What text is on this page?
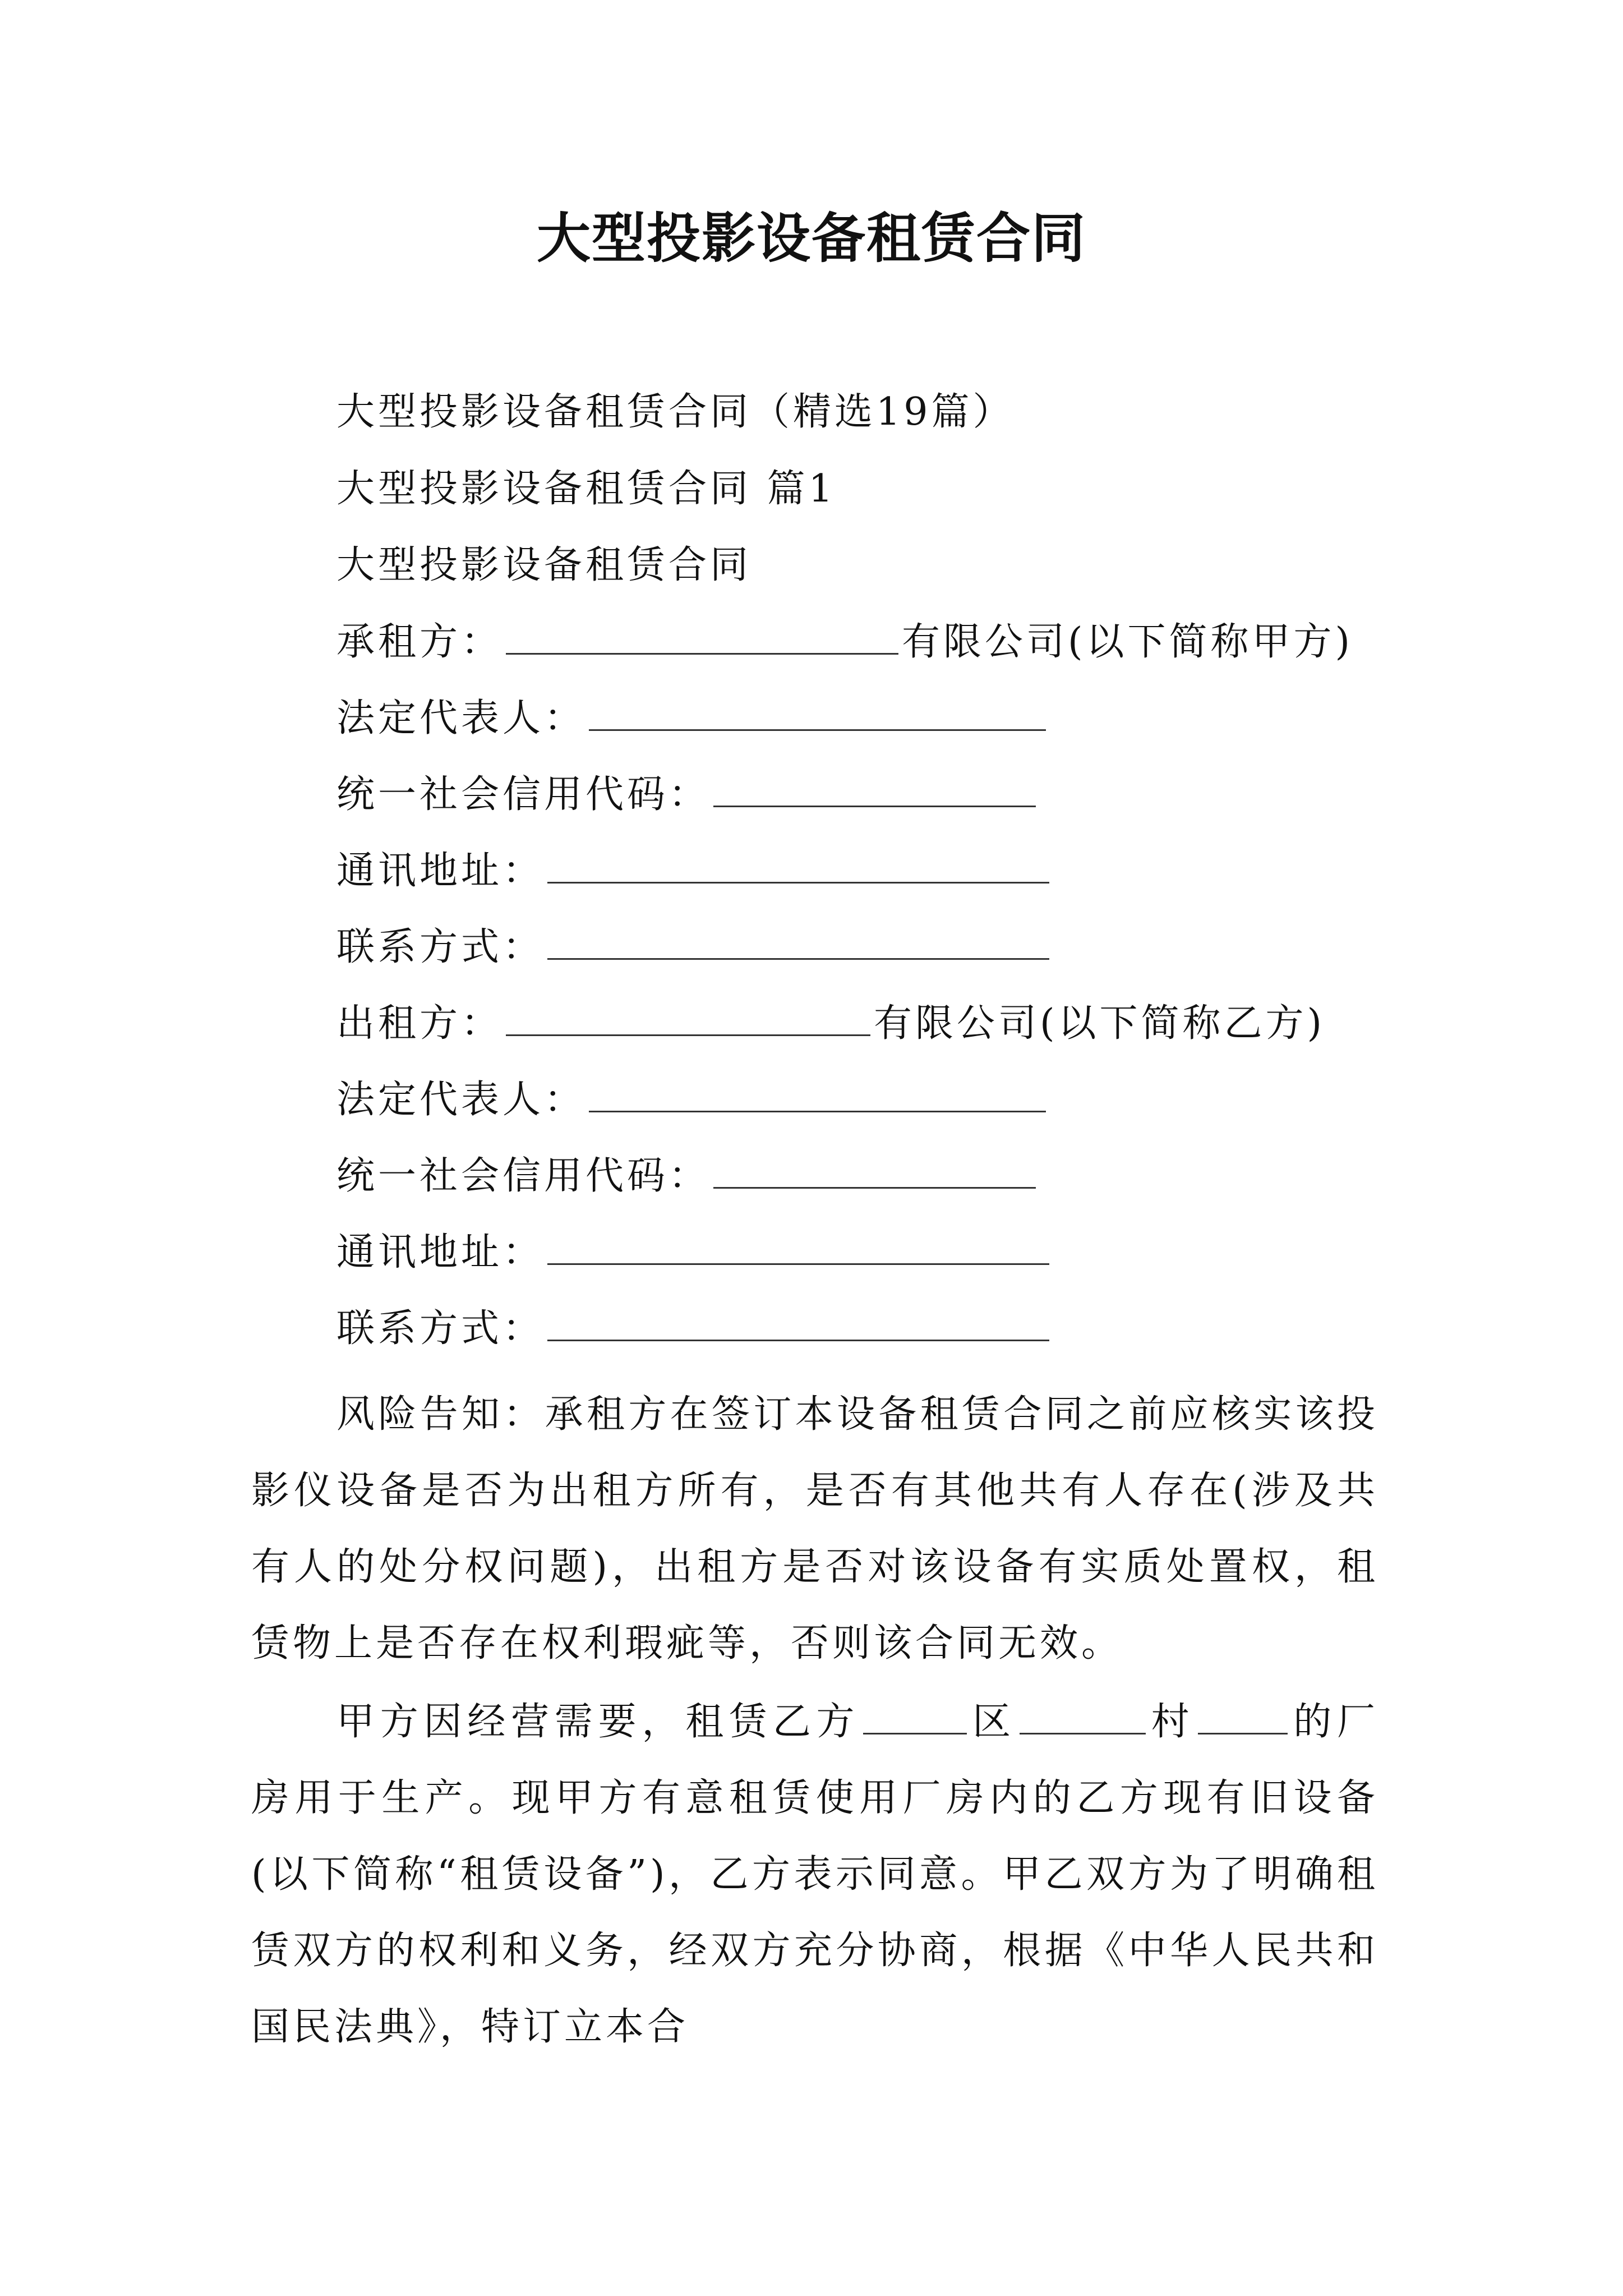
大型投影设备租赁合同
大型投影设备租赁合同（精选19篇）
大型投影设备租赁合同 篇1
大型投影设备租赁合同
承租方：	有限公司(以下简称甲方)
法定代表人：
统一社会信用代码：
通讯地址：
联系方式：
出租方：	有限公司(以下简称乙方)
法定代表人：
统一社会信用代码：
通讯地址：
联系方式：
风险告知：承租方在签订本设备租赁合同之前应核实该投影仪设备是否为出租方所有，是否有其他共有人存在(涉及共有人的处分权问题)，出租方是否对该设备有实质处置权，租赁物上是否存在权利瑕疵等，否则该合同无效。
甲方因经营需要，租赁乙方	区	村	的厂房用于生产。现甲方有意租赁使用厂房内的乙方现有旧设备(以下简称“租赁设备”)，乙方表示同意。甲乙双方为了明确租赁双方的权利和义务，经双方充分协商，根据《中华人民共和国民法典》，特订立本合
